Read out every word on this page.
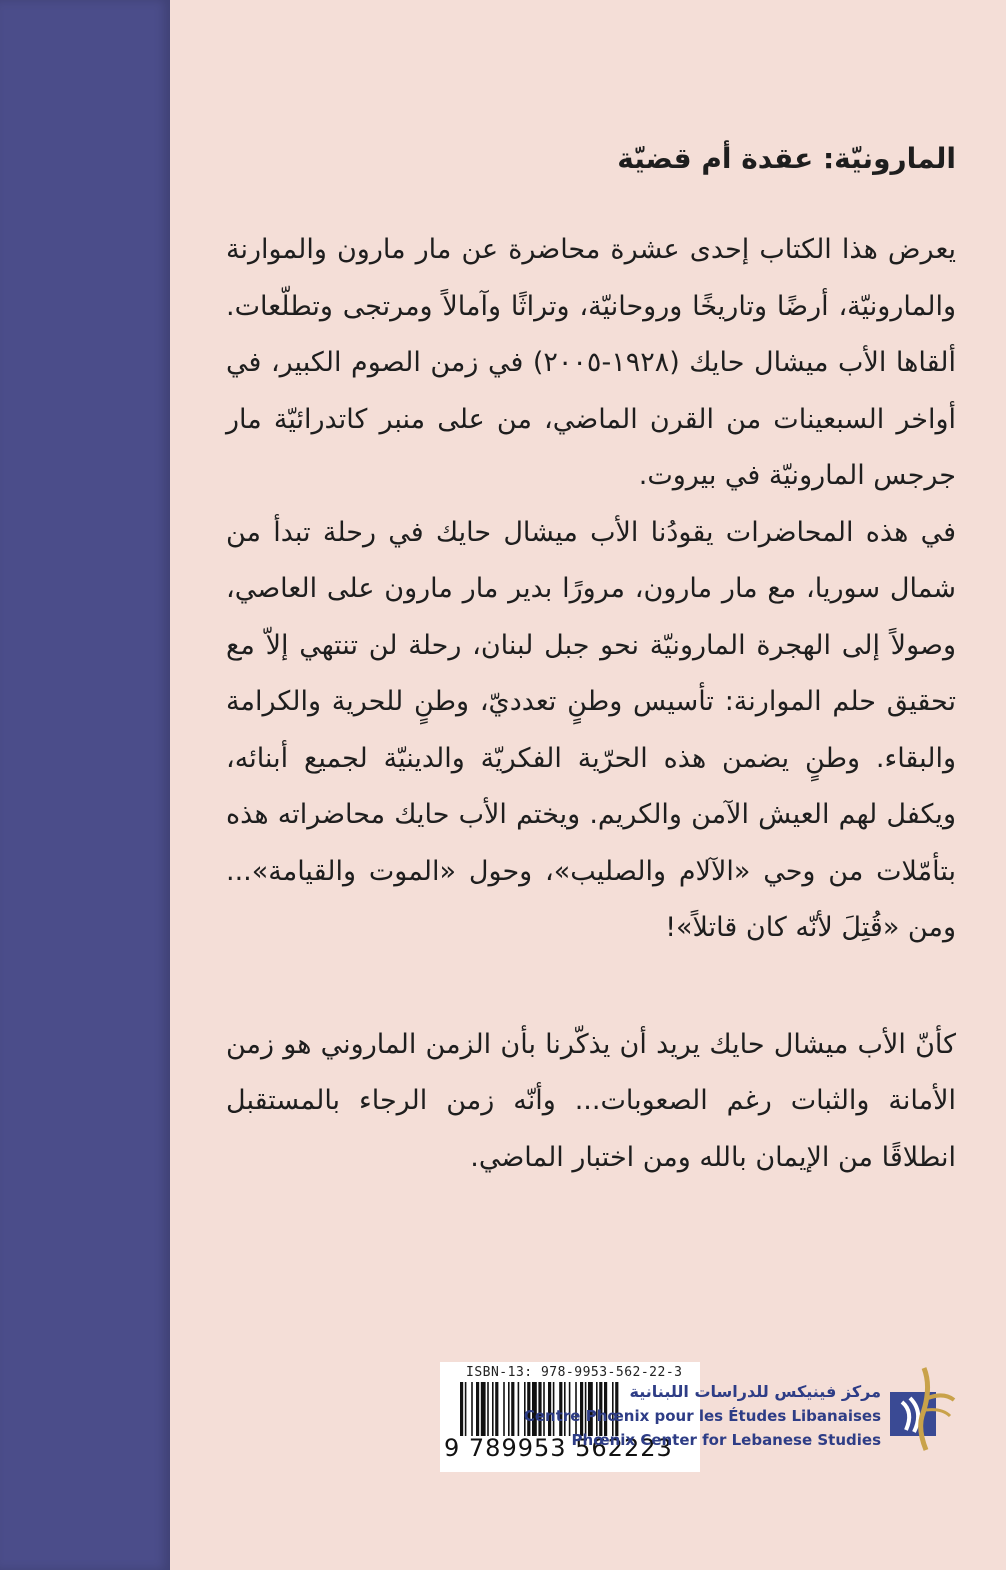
المارونيّة: عقدة أم قضيّة

يعرض هذا الكتاب إحدى عشرة محاضرة عن مار مارون والموارنة والمارونيّة، أرضًا وتاريخًا وروحانيّة، وتراثًا وآمالاً ومرتجى وتطلّعات. ألقاها الأب ميشال حايك (١٩٢٨-٢٠٠٥) في زمن الصوم الكبير، في أواخر السبعينات من القرن الماضي، من على منبر كاتدرائيّة مار جرجس المارونيّة في بيروت.

في هذه المحاضرات يقودُنا الأب ميشال حايك في رحلة تبدأ من شمال سوريا، مع مار مارون، مرورًا بدير مار مارون على العاصي، وصولاً إلى الهجرة المارونيّة نحو جبل لبنان، رحلة لن تنتهي إلاّ مع تحقيق حلم الموارنة: تأسيس وطنٍ تعدديّ، وطنٍ للحرية والكرامة والبقاء. وطنٍ يضمن هذه الحرّية الفكريّة والدينيّة لجميع أبنائه، ويكفل لهم العيش الآمن والكريم. ويختم الأب حايك محاضراته هذه بتأمّلات من وحي «الآلام والصليب»، وحول «الموت والقيامة»... ومن «قُتِلَ لأنّه كان قاتلاً»!

كأنّ الأب ميشال حايك يريد أن يذكّرنا بأن الزمن الماروني هو زمن الأمانة والثبات رغم الصعوبات... وأنّه زمن الرجاء بالمستقبل انطلاقًا من الإيمان بالله ومن اختبار الماضي.

ISBN-13: 978-9953-562-22-3
9 789953 562223
مركز فينيكس للدراسات اللبنانية
Centre Phœnix pour les Études Libanaises
Phœnix Center for Lebanese Studies
